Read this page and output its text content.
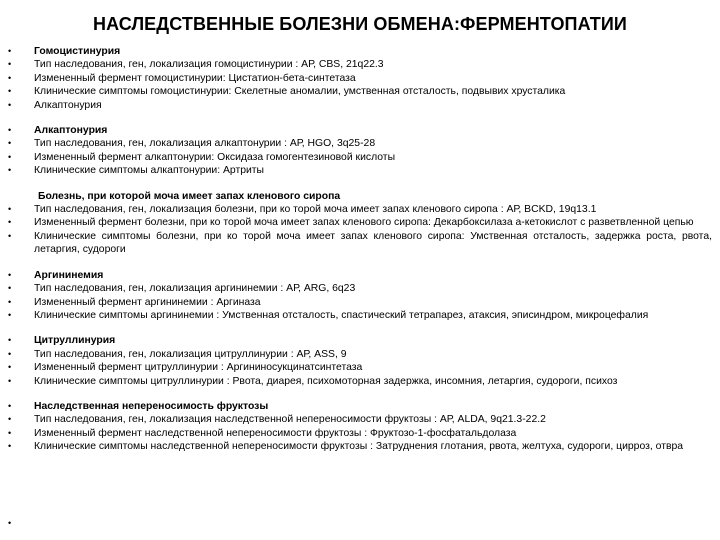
НАСЛЕДСТВЕННЫЕ БОЛЕЗНИ ОБМЕНА:ФЕРМЕНТОПАТИИ
•	Гомоцистинурия
•	Тип наследования, ген, локализация гомоцистинурии : АР, CBS, 21q22.3
•	Измененный фермент гомоцистинурии: Цистатион-бета-синтетаза
•	Клинические симптомы гомоцистинурии: Скелетные аномалии, умственная отсталость, подвывих хрусталика
•	Алкаптонурия
•	Алкаптонурия
•	Тип наследования, ген, локализация алкаптонурии : АР, HGO, 3q25-28
•	Измененный фермент алкаптонурии: Оксидаза гомогентезиновой кислоты
•	Клинические симптомы алкаптонурии: Артриты
Болезнь, при которой моча имеет запах кленового сиропа
•	Тип наследования, ген, локализация болезни, при ко торой моча имеет запах кленового сиропа : АР, BCKD, 19q13.1
•	Измененный фермент болезни, при ко торой моча имеет запах кленового сиропа: Декарбоксилаза а-кетокислот с разветвленной цепью
•	Клинические симптомы болезни, при ко торой моча имеет запах кленового сиропа: Умственная отсталость, задержка роста, рвота, летаргия, судороги
•	Аргининемия
•	Тип наследования, ген, локализация аргининемии : АР, ARG, 6q23
•	Измененный фермент аргининемии : Аргиназа
•	Клинические симптомы аргининемии : Умственная отсталость, спастический тетрапарез, атаксия, эписиндром, микроцефалия
•	Цитруллинурия
•	Тип наследования, ген, локализация цитруллинурии : АР, ASS, 9
•	Измененный фермент цитруллинурии : Аргининосукцинатсинтетаза
•	Клинические симптомы цитруллинурии : Рвота, диарея, психомоторная задержка, инсомния, летаргия, судороги, психоз
•	Наследственная непереносимость фруктозы
•	Тип наследования, ген, локализация наследственной непереносимости фруктозы : АР, ALDA, 9q21.3-22.2
•	Измененный фермент наследственной непереносимости фруктозы : Фруктозо-1-фосфатальдолаза
•	Клинические симптомы наследственной непереносимости фруктозы : Затруднения глотания, рвота, желтуха, судороги, цирроз, отвра
•
